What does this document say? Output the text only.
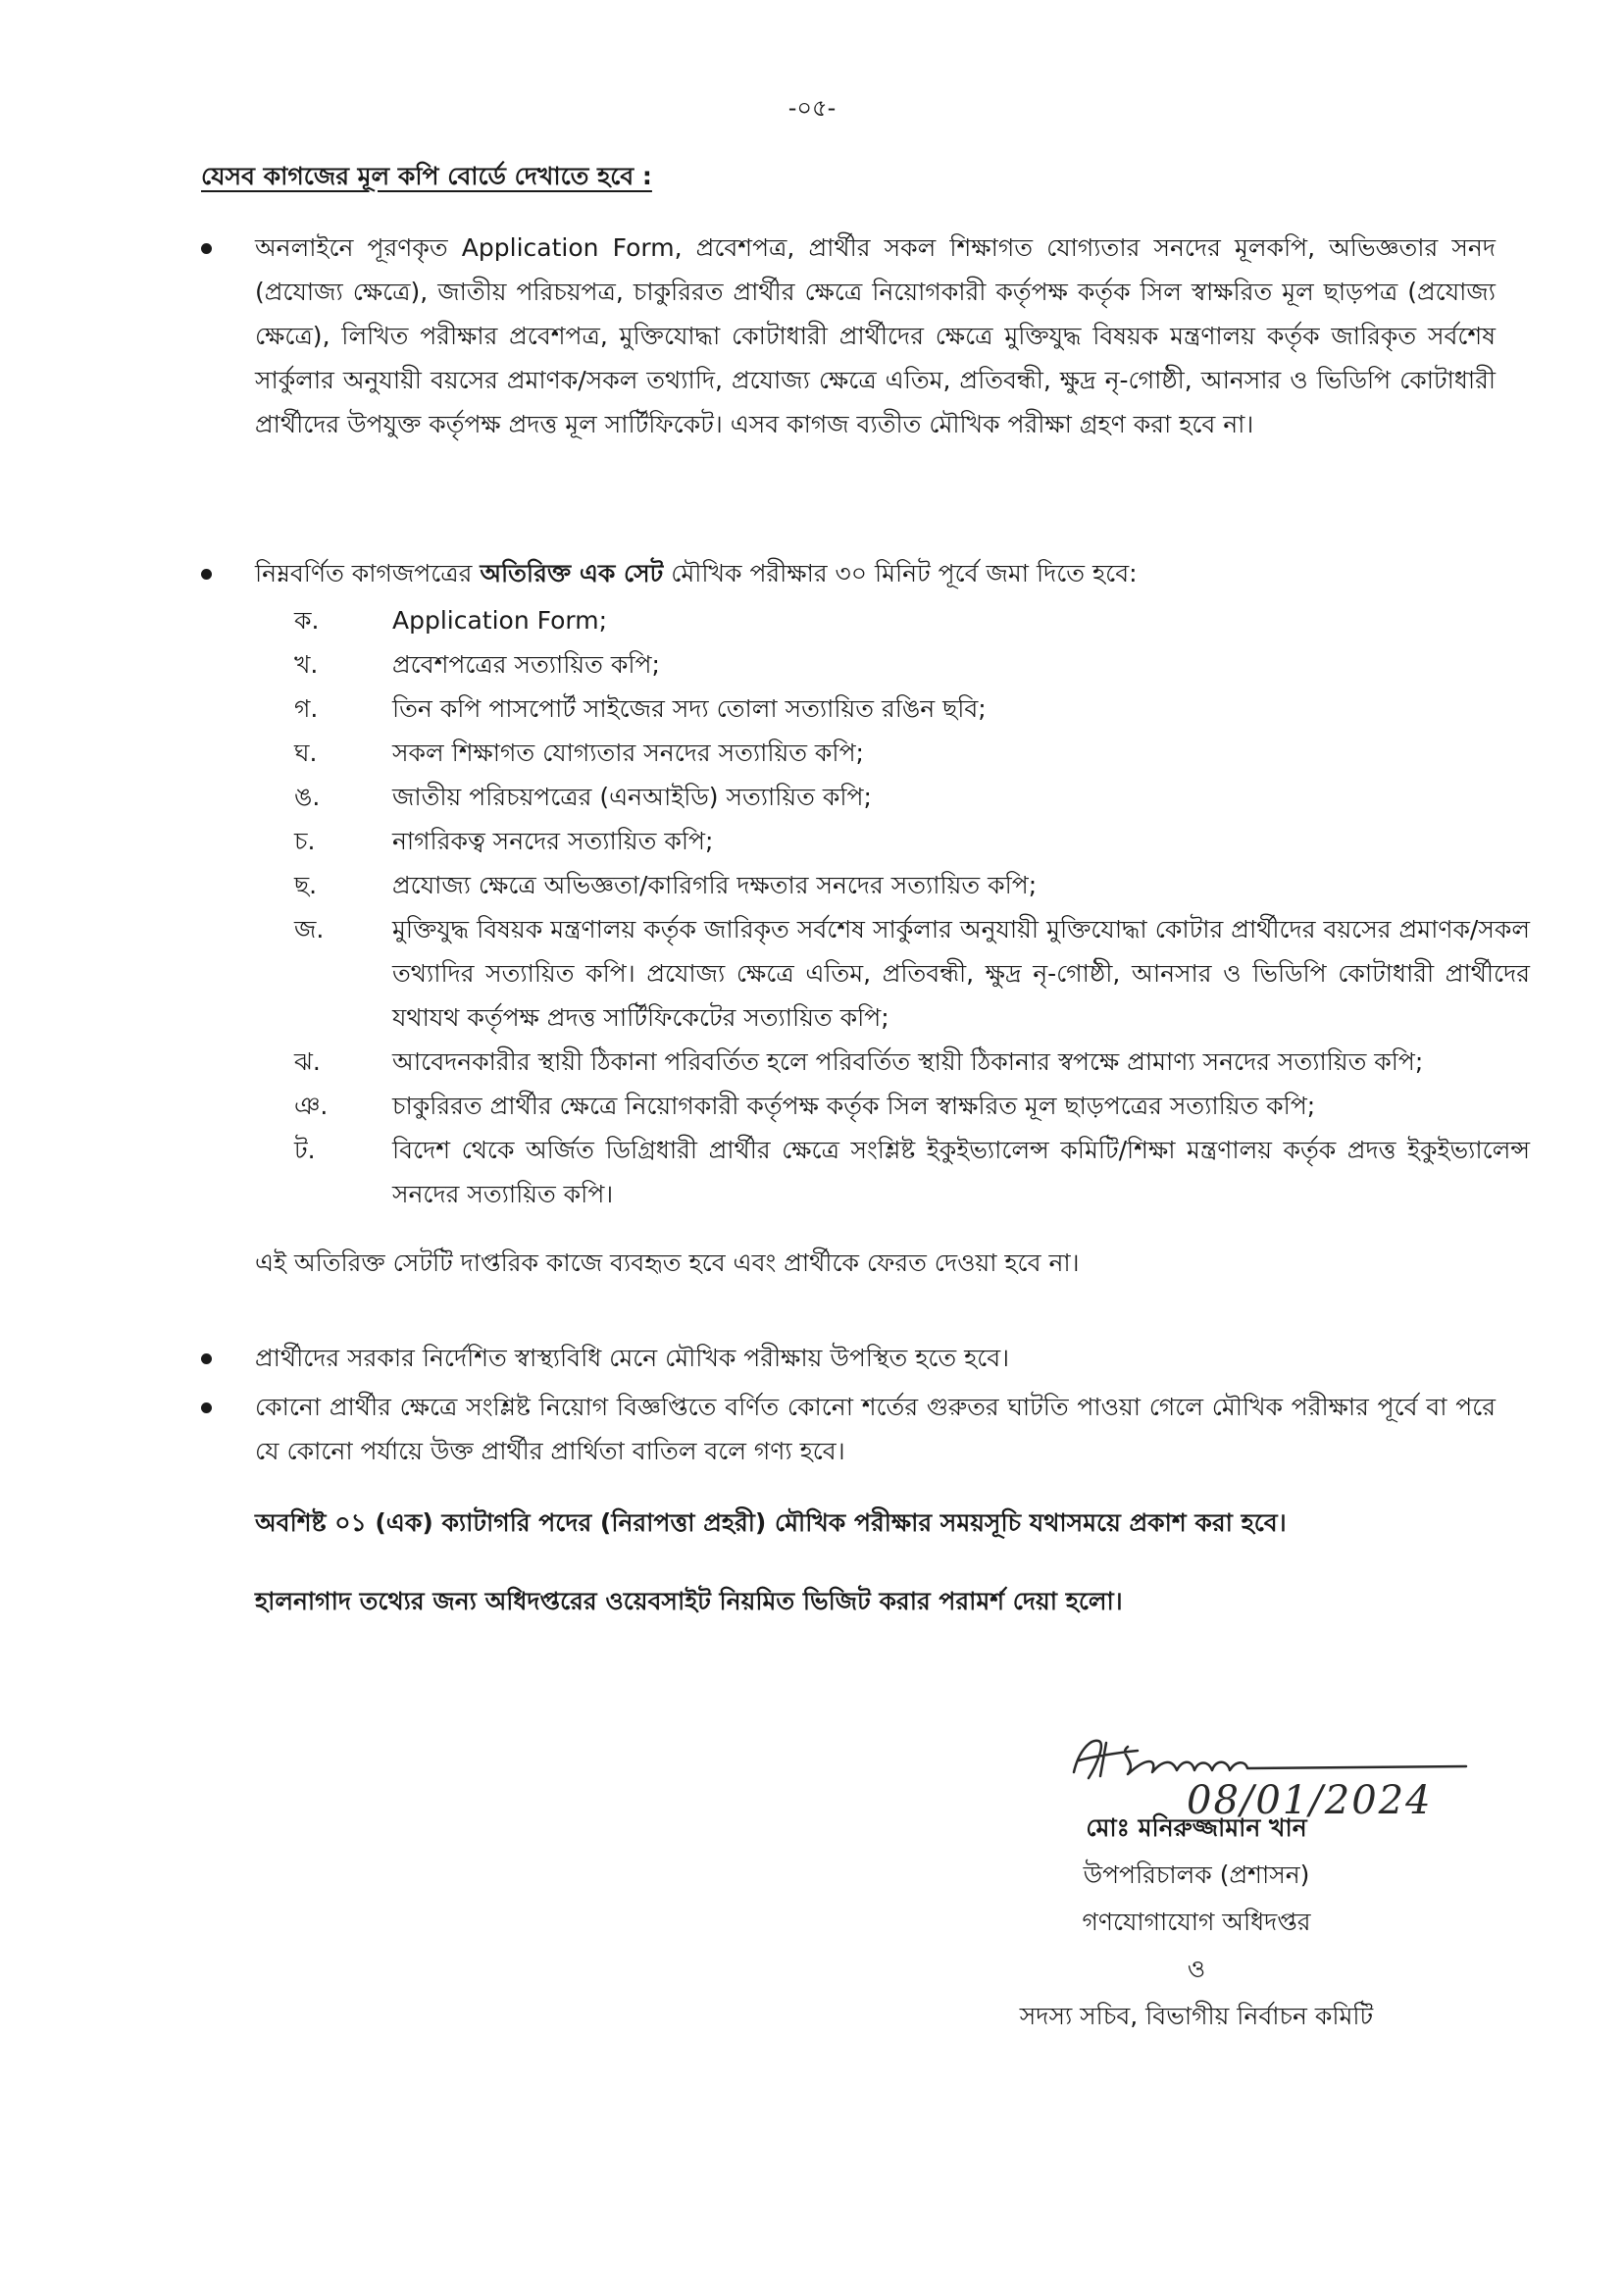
-০৫-
যেসব কাগজের মূল কপি বোর্ডে দেখাতে হবে :
অনলাইনে পূরণকৃত Application Form, প্রবেশপত্র, প্রার্থীর সকল শিক্ষাগত যোগ্যতার সনদের মূলকপি, অভিজ্ঞতার সনদ (প্রযোজ্য ক্ষেত্রে), জাতীয় পরিচয়পত্র, চাকুরিরত প্রার্থীর ক্ষেত্রে নিয়োগকারী কর্তৃপক্ষ কর্তৃক সিল স্বাক্ষরিত মূল ছাড়পত্র (প্রযোজ্য ক্ষেত্রে), লিখিত পরীক্ষার প্রবেশপত্র, মুক্তিযোদ্ধা কোটাধারী প্রার্থীদের ক্ষেত্রে মুক্তিযুদ্ধ বিষয়ক মন্ত্রণালয় কর্তৃক জারিকৃত সর্বশেষ সার্কুলার অনুযায়ী বয়সের প্রমাণক/সকল তথ্যাদি, প্রযোজ্য ক্ষেত্রে এতিম, প্রতিবন্ধী, ক্ষুদ্র নৃ-গোষ্ঠী, আনসার ও ভিডিপি কোটাধারী প্রার্থীদের উপযুক্ত কর্তৃপক্ষ প্রদত্ত মূল সার্টিফিকেট। এসব কাগজ ব্যতীত মৌখিক পরীক্ষা গ্রহণ করা হবে না।
নিম্নবর্ণিত কাগজপত্রের অতিরিক্ত এক সেট মৌখিক পরীক্ষার ৩০ মিনিট পূর্বে জমা দিতে হবে:
ক.	Application Form;
খ.	প্রবেশপত্রের সত্যায়িত কপি;
গ.	তিন কপি পাসপোর্ট সাইজের সদ্য তোলা সত্যায়িত রঙিন ছবি;
ঘ.	সকল শিক্ষাগত যোগ্যতার সনদের সত্যায়িত কপি;
ঙ.	জাতীয় পরিচয়পত্রের (এনআইডি) সত্যায়িত কপি;
চ.	নাগরিকত্ব সনদের সত্যায়িত কপি;
ছ.	প্রযোজ্য ক্ষেত্রে অভিজ্ঞতা/কারিগরি দক্ষতার সনদের সত্যায়িত কপি;
জ.	মুক্তিযুদ্ধ বিষয়ক মন্ত্রণালয় কর্তৃক জারিকৃত সর্বশেষ সার্কুলার অনুযায়ী মুক্তিযোদ্ধা কোটার প্রার্থীদের বয়সের প্রমাণক/সকল তথ্যাদির সত্যায়িত কপি। প্রযোজ্য ক্ষেত্রে এতিম, প্রতিবন্ধী, ক্ষুদ্র নৃ-গোষ্ঠী, আনসার ও ভিডিপি কোটাধারী প্রার্থীদের যথাযথ কর্তৃপক্ষ প্রদত্ত সার্টিফিকেটের সত্যায়িত কপি;
ঝ.	আবেদনকারীর স্থায়ী ঠিকানা পরিবর্তিত হলে পরিবর্তিত স্থায়ী ঠিকানার স্বপক্ষে প্রামাণ্য সনদের সত্যায়িত কপি;
ঞ.	চাকুরিরত প্রার্থীর ক্ষেত্রে নিয়োগকারী কর্তৃপক্ষ কর্তৃক সিল স্বাক্ষরিত মূল ছাড়পত্রের সত্যায়িত কপি;
ট.	বিদেশ থেকে অর্জিত ডিগ্রিধারী প্রার্থীর ক্ষেত্রে সংশ্লিষ্ট ইকুইভ্যালেন্স কমিটি/শিক্ষা মন্ত্রণালয় কর্তৃক প্রদত্ত ইকুইভ্যালেন্স সনদের সত্যায়িত কপি।
এই অতিরিক্ত সেটটি দাপ্তরিক কাজে ব্যবহৃত হবে এবং প্রার্থীকে ফেরত দেওয়া হবে না।
প্রার্থীদের সরকার নির্দেশিত স্বাস্থ্যবিধি মেনে মৌখিক পরীক্ষায় উপস্থিত হতে হবে।
কোনো প্রার্থীর ক্ষেত্রে সংশ্লিষ্ট নিয়োগ বিজ্ঞপ্তিতে বর্ণিত কোনো শর্তের গুরুতর ঘাটতি পাওয়া গেলে মৌখিক পরীক্ষার পূর্বে বা পরে যে কোনো পর্যায়ে উক্ত প্রার্থীর প্রার্থিতা বাতিল বলে গণ্য হবে।
অবশিষ্ট ০১ (এক) ক্যাটাগরি পদের (নিরাপত্তা প্রহরী) মৌখিক পরীক্ষার সময়সূচি যথাসময়ে প্রকাশ করা হবে।
হালনাগাদ তথ্যের জন্য অধিদপ্তরের ওয়েবসাইট নিয়মিত ভিজিট করার পরামর্শ দেয়া হলো।
08/01/2024
মোঃ মনিরুজ্জামান খান
উপপরিচালক (প্রশাসন)
গণযোগাযোগ অধিদপ্তর
ও
সদস্য সচিব, বিভাগীয় নির্বাচন কমিটি
